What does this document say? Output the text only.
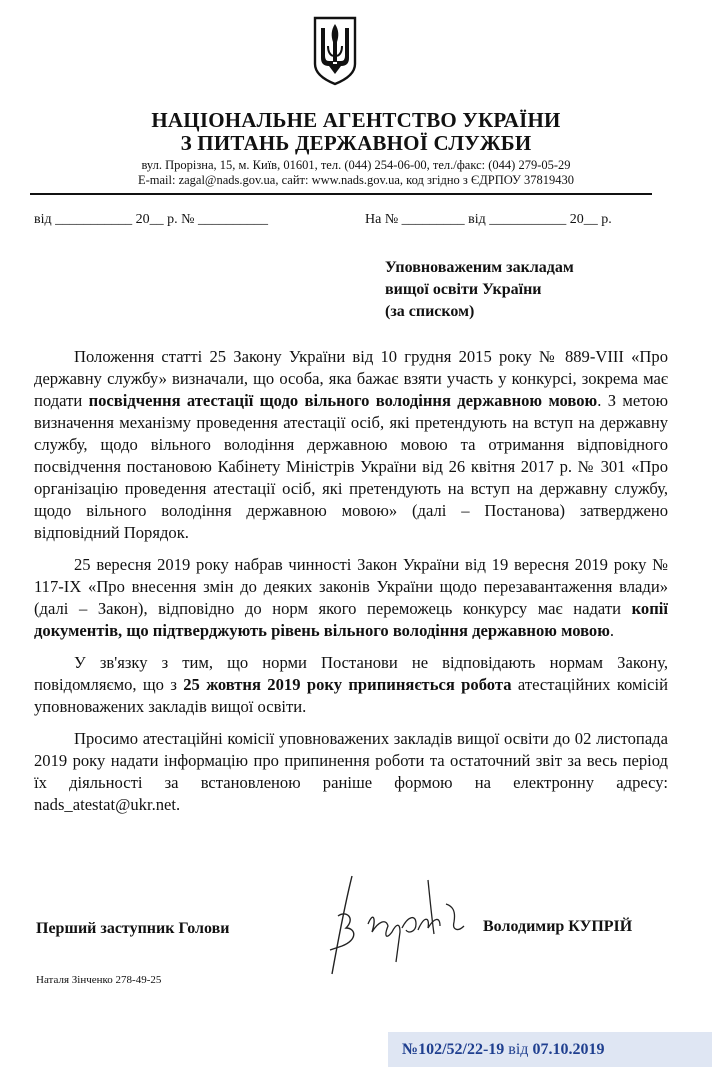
НАЦІОНАЛЬНЕ АГЕНТСТВО УКРАЇНИ
З ПИТАНЬ ДЕРЖАВНОЇ СЛУЖБИ
вул. Прорізна, 15, м. Київ, 01601, тел. (044) 254-06-00, тел./факс: (044) 279-05-29
E-mail: zagal@nads.gov.ua, сайт: www.nads.gov.ua, код згідно з ЄДРПОУ 37819430
від ___________ 20__ р. № __________	На № _________ від ___________ 20__ р.
Уповноваженим закладам
вищої освіти України
(за списком)

Положення статті 25 Закону України від 10 грудня 2015 року № 889-VIII «Про державну службу» визначали, що особа, яка бажає взяти участь у конкурсі, зокрема має подати посвідчення атестації щодо вільного володіння державною мовою. З метою визначення механізму проведення атестації осіб, які претендують на вступ на державну службу, щодо вільного володіння державною мовою та отримання відповідного посвідчення постановою Кабінету Міністрів України від 26 квітня 2017 р. № 301 «Про організацію проведення атестації осіб, які претендують на вступ на державну службу, щодо вільного володіння державною мовою» (далі – Постанова) затверджено відповідний Порядок.

25 вересня 2019 року набрав чинності Закон України від 19 вересня 2019 року № 117-IX «Про внесення змін до деяких законів України щодо перезавантаження влади» (далі – Закон), відповідно до норм якого переможець конкурсу має надати копії документів, що підтверджують рівень вільного володіння державною мовою.

У зв'язку з тим, що норми Постанови не відповідають нормам Закону, повідомляємо, що з 25 жовтня 2019 року припиняється робота атестаційних комісій уповноважених закладів вищої освіти.

Просимо атестаційні комісії уповноважених закладів вищої освіти до 02 листопада 2019 року надати інформацію про припинення роботи та остаточний звіт за весь період їх діяльності за встановленою раніше формою на електронну адресу: nads_atestat@ukr.net.

Перший заступник Голови	Володимир КУПРІЙ
Наталя Зінченко 278-49-25
№102/52/22-19 від 07.10.2019
